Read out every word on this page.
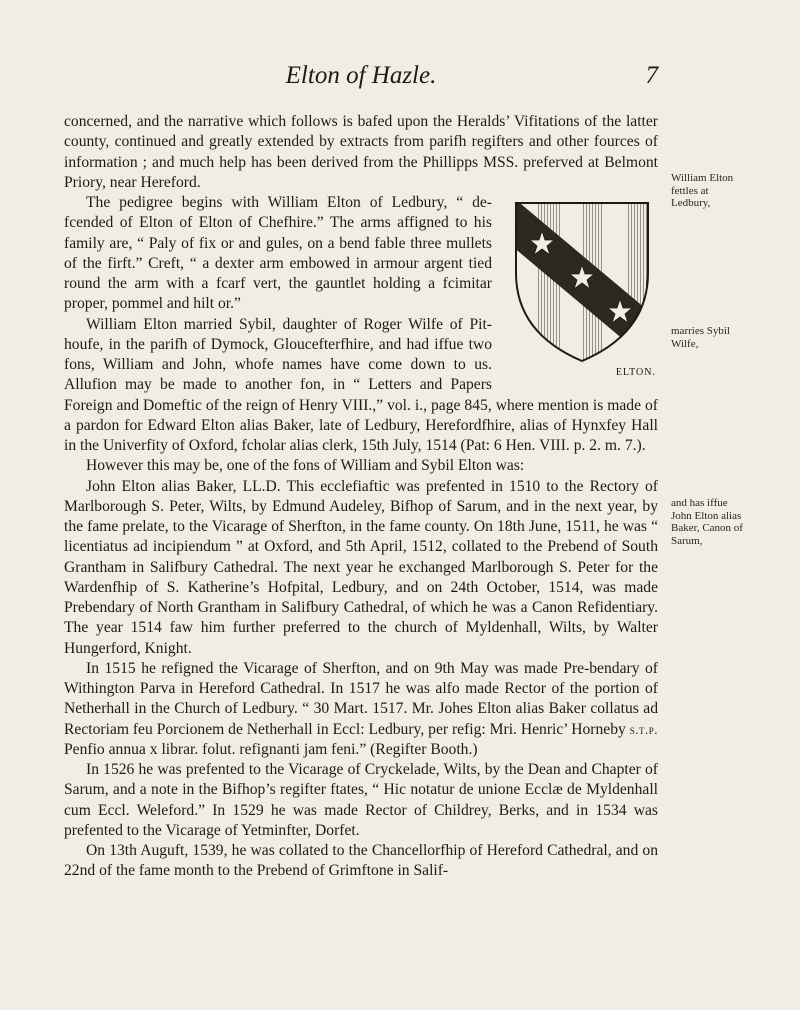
Elton of Hazle.	7

concerned, and the narrative which follows is bafed upon the Heralds’ Vifitations of the latter county, continued and greatly extended by extracts from parifh regifters and other fources of information ; and much help has been derived from the Phillipps MSS. preferved at Belmont Priory, near Hereford.

ELTON.

The pedigree begins with William Elton of Ledbury, “ de-fcended of Elton of Elton of Chefhire.” The arms affigned to his family are, “ Paly of fix or and gules, on a bend fable three mullets of the firft.” Creft, “ a dexter arm embowed in armour argent tied round the arm with a fcarf vert, the gauntlet holding a fcimitar proper, pommel and hilt or.”

William Elton married Sybil, daughter of Roger Wilfe of Pit-houfe, in the parifh of Dymock, Gloucefterfhire, and had iffue two fons, William and John, whofe names have come down to us. Allufion may be made to another fon, in “ Letters and Papers Foreign and Domeftic of the reign of Henry VIII.,” vol. i., page 845, where mention is made of a pardon for Edward Elton alias Baker, late of Ledbury, Herefordfhire, alias of Hynxfey Hall in the Univerfity of Oxford, fcholar alias clerk, 15th July, 1514 (Pat: 6 Hen. VIII. p. 2. m. 7.).

However this may be, one of the fons of William and Sybil Elton was:

John Elton alias Baker, LL.D. This ecclefiaftic was prefented in 1510 to the Rectory of Marlborough S. Peter, Wilts, by Edmund Audeley, Bifhop of Sarum, and in the next year, by the fame prelate, to the Vicarage of Sherfton, in the fame county. On 18th June, 1511, he was “ licentiatus ad incipiendum ” at Oxford, and 5th April, 1512, collated to the Prebend of South Grantham in Salifbury Cathedral. The next year he exchanged Marlborough S. Peter for the Wardenfhip of S. Katherine’s Hofpital, Ledbury, and on 24th October, 1514, was made Prebendary of North Grantham in Salifbury Cathedral, of which he was a Canon Refidentiary. The year 1514 faw him further preferred to the church of Myldenhall, Wilts, by Walter Hungerford, Knight.

In 1515 he refigned the Vicarage of Sherfton, and on 9th May was made Pre-bendary of Withington Parva in Hereford Cathedral. In 1517 he was alfo made Rector of the portion of Netherhall in the Church of Ledbury. “ 30 Mart. 1517. Mr. Johes Elton alias Baker collatus ad Rectoriam feu Porcionem de Netherhall in Eccl: Ledbury, per refig: Mri. Henric’ Horneby s.t.p. Penfio annua x librar. folut. refignanti jam feni.” (Regifter Booth.)

In 1526 he was prefented to the Vicarage of Cryckelade, Wilts, by the Dean and Chapter of Sarum, and a note in the Bifhop’s regifter ftates, “ Hic notatur de unione Ecclæ de Myldenhall cum Eccl. Weleford.” In 1529 he was made Rector of Childrey, Berks, and in 1534 was prefented to the Vicarage of Yetminfter, Dorfet.

On 13th Auguft, 1539, he was collated to the Chancellorfhip of Hereford Cathedral, and on 22nd of the fame month to the Prebend of Grimftone in Salif-

William Elton fettles at Ledbury,
marries Sybil Wilfe,
and has iffue John Elton alias Baker, Canon of Sarum,
